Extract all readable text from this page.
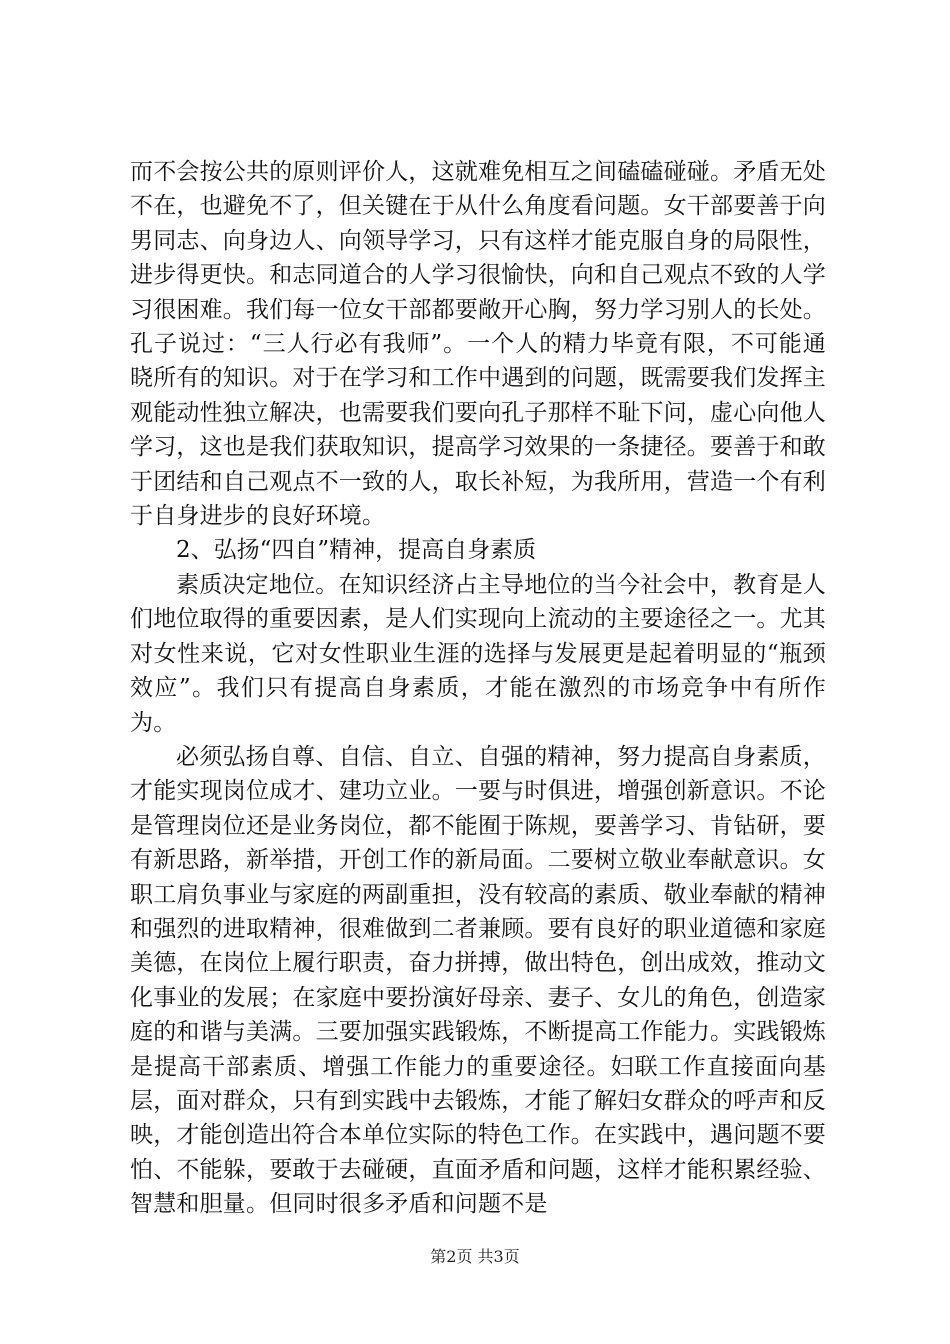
而不会按公共的原则评价人，这就难免相互之间磕磕碰碰。矛盾无处不在，也避免不了，但关键在于从什么角度看问题。女干部要善于向男同志、向身边人、向领导学习，只有这样才能克服自身的局限性，进步得更快。和志同道合的人学习很愉快，向和自己观点不致的人学习很困难。我们每一位女干部都要敞开心胸，努力学习别人的长处。孔子说过：“三人行必有我师”。一个人的精力毕竟有限，不可能通晓所有的知识。对于在学习和工作中遇到的问题，既需要我们发挥主观能动性独立解决，也需要我们要向孔子那样不耻下问，虚心向他人学习，这也是我们获取知识，提高学习效果的一条捷径。要善于和敢于团结和自己观点不一致的人，取长补短，为我所用，营造一个有利于自身进步的良好环境。

2、弘扬“四自”精神，提高自身素质

素质决定地位。在知识经济占主导地位的当今社会中，教育是人们地位取得的重要因素，是人们实现向上流动的主要途径之一。尤其对女性来说，它对女性职业生涯的选择与发展更是起着明显的“瓶颈效应”。我们只有提高自身素质，才能在激烈的市场竞争中有所作为。

必须弘扬自尊、自信、自立、自强的精神，努力提高自身素质，才能实现岗位成才、建功立业。一要与时俱进，增强创新意识。不论是管理岗位还是业务岗位，都不能囿于陈规，要善学习、肯钻研，要有新思路，新举措，开创工作的新局面。二要树立敬业奉献意识。女职工肩负事业与家庭的两副重担，没有较高的素质、敬业奉献的精神和强烈的进取精神，很难做到二者兼顾。要有良好的职业道德和家庭美德，在岗位上履行职责，奋力拼搏，做出特色，创出成效，推动文化事业的发展；在家庭中要扮演好母亲、妻子、女儿的角色，创造家庭的和谐与美满。三要加强实践锻炼，不断提高工作能力。实践锻炼是提高干部素质、增强工作能力的重要途径。妇联工作直接面向基层，面对群众，只有到实践中去锻炼，才能了解妇女群众的呼声和反映，才能创造出符合本单位实际的特色工作。在实践中，遇问题不要怕、不能躲，要敢于去碰硬，直面矛盾和问题，这样才能积累经验、智慧和胆量。但同时很多矛盾和问题不是

第2页 共3页
